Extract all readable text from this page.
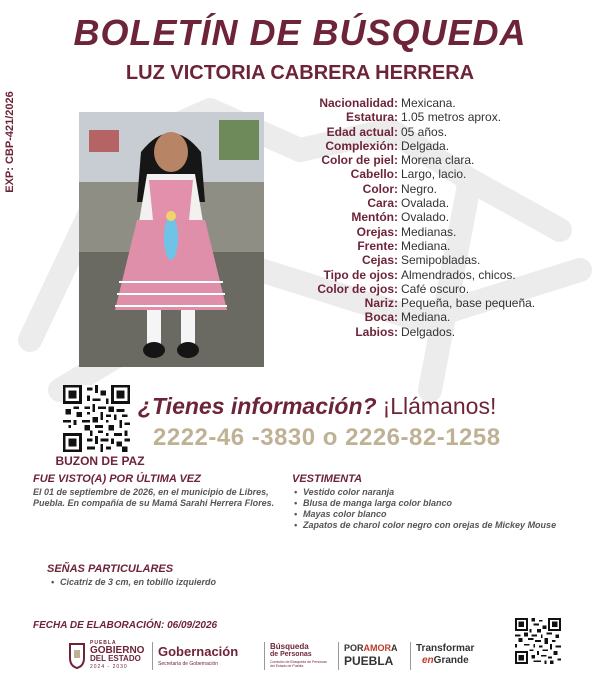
BOLETÍN DE BÚSQUEDA
LUZ VICTORIA CABRERA HERRERA
EXP: CBP-421/2026	Nacionalidad: Mexicana.
Estatura: 1.05 metros aprox.
Edad actual: 05 años.
Complexión: Delgada.
Color de piel: Morena clara.
Cabello: Largo, lacio.
Color: Negro.
Cara: Ovalada.
Mentón: Ovalado.
Orejas: Medianas.
Frente: Mediana.
Cejas: Semipobladas.
Tipo de ojos: Almendrados, chicos.
Color de ojos: Café oscuro.
Nariz: Pequeña, base pequeña.
Boca: Mediana.
Labios: Delgados.
BUZON DE PAZ
¿Tienes información? ¡Llámanos!
2222-46 -3830 o 2226-82-1258
FUE VISTO(A) POR ÚLTIMA VEZ
El 01 de septiembre de 2026, en el municipio de Libres, Puebla. En compañía de su Mamá Sarahi Herrera Flores.
VESTIMENTA
• Vestido color naranja
• Blusa de manga larga color blanco
• Mayas color blanco
• Zapatos de charol color negro con orejas de Mickey Mouse
SEÑAS PARTICULARES
• Cicatriz de 3 cm, en tobillo izquierdo
FECHA DE ELABORACIÓN: 06/09/2026
PUEBLA
GOBIERNO
DEL ESTADO
2024 - 2030
Gobernación
Secretaría de Gobernación
Búsqueda
de Personas
Comisión de Búsqueda de Personas del Estado de Puebla
PORAMORA
PUEBLA
Transformar
enGrande
